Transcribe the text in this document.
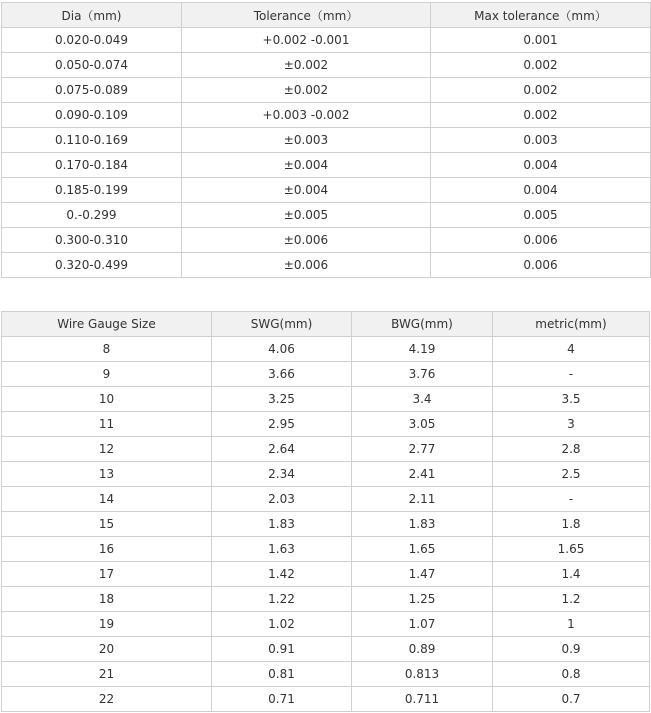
Dia（mm)	Tolerance（mm）	Max tolerance（mm）
0.020-0.049	+0.002 -0.001	0.001
0.050-0.074	±0.002	0.002
0.075-0.089	±0.002	0.002
0.090-0.109	+0.003 -0.002	0.002
0.110-0.169	±0.003	0.003
0.170-0.184	±0.004	0.004
0.185-0.199	±0.004	0.004
0.-0.299	±0.005	0.005
0.300-0.310	±0.006	0.006
0.320-0.499	±0.006	0.006
Wire Gauge Size	SWG(mm)	BWG(mm)	metric(mm)
8	4.06	4.19	4
9	3.66	3.76	-
10	3.25	3.4	3.5
11	2.95	3.05	3
12	2.64	2.77	2.8
13	2.34	2.41	2.5
14	2.03	2.11	-
15	1.83	1.83	1.8
16	1.63	1.65	1.65
17	1.42	1.47	1.4
18	1.22	1.25	1.2
19	1.02	1.07	1
20	0.91	0.89	0.9
21	0.81	0.813	0.8
22	0.71	0.711	0.7
